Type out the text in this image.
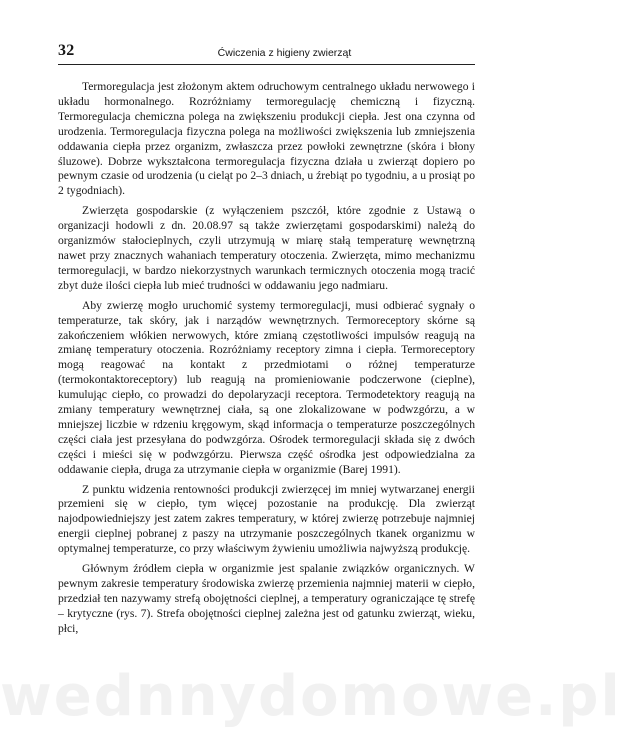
32	Ćwiczenia z higieny zwierząt

Termoregulacja jest złożonym aktem odruchowym centralnego układu nerwowego i układu hormonalnego. Rozróżniamy termoregulację chemiczną i fizyczną. Termoregulacja chemiczna polega na zwiększeniu produkcji ciepła. Jest ona czynna od urodzenia. Termoregulacja fizyczna polega na możliwości zwiększenia lub zmniejszenia oddawania ciepła przez organizm, zwłaszcza przez powłoki zewnętrzne (skóra i błony śluzowe). Dobrze wykształcona termoregulacja fizyczna działa u zwierząt dopiero po pewnym czasie od urodzenia (u cieląt po 2–3 dniach, u źrebiąt po tygodniu, a u prosiąt po 2 tygodniach).

Zwierzęta gospodarskie (z wyłączeniem pszczół, które zgodnie z Ustawą o organizacji hodowli z dn. 20.08.97 są także zwierzętami gospodarskimi) należą do organizmów stałocieplnych, czyli utrzymują w miarę stałą temperaturę wewnętrzną nawet przy znacznych wahaniach temperatury otoczenia. Zwierzęta, mimo mechanizmu termoregulacji, w bardzo niekorzystnych warunkach termicznych otoczenia mogą tracić zbyt duże ilości ciepła lub mieć trudności w oddawaniu jego nadmiaru.

Aby zwierzę mogło uruchomić systemy termoregulacji, musi odbierać sygnały o temperaturze, tak skóry, jak i narządów wewnętrznych. Termoreceptory skórne są zakończeniem włókien nerwowych, które zmianą częstotliwości impulsów reagują na zmianę temperatury otoczenia. Rozróżniamy receptory zimna i ciepła. Termoreceptory mogą reagować na kontakt z przedmiotami o różnej temperaturze (termokontaktoreceptory) lub reagują na promieniowanie podczerwone (cieplne), kumulując ciepło, co prowadzi do depolaryzacji receptora. Termodetektory reagują na zmiany temperatury wewnętrznej ciała, są one zlokalizowane w podwzgórzu, a w mniejszej liczbie w rdzeniu kręgowym, skąd informacja o temperaturze poszczególnych części ciała jest przesyłana do podwzgórza. Ośrodek termoregulacji składa się z dwóch części i mieści się w podwzgórzu. Pierwsza część ośrodka jest odpowiedzialna za oddawanie ciepła, druga za utrzymanie ciepła w organizmie (Barej 1991).

Z punktu widzenia rentowności produkcji zwierzęcej im mniej wytwarzanej energii przemieni się w ciepło, tym więcej pozostanie na produkcję. Dla zwierząt najodpowiedniejszy jest zatem zakres temperatury, w której zwierzę potrzebuje najmniej energii cieplnej pobranej z paszy na utrzymanie poszczególnych tkanek organizmu w optymalnej temperaturze, co przy właściwym żywieniu umożliwia najwyższą produkcję.

Głównym źródłem ciepła w organizmie jest spalanie związków organicznych. W pewnym zakresie temperatury środowiska zwierzę przemienia najmniej materii w ciepło, przedział ten nazywamy strefą obojętności cieplnej, a temperatury ograniczające tę strefę – krytyczne (rys. 7). Strefa obojętności cieplnej zależna jest od gatunku zwierząt, wieku, płci,

wednnydomowe.pl
